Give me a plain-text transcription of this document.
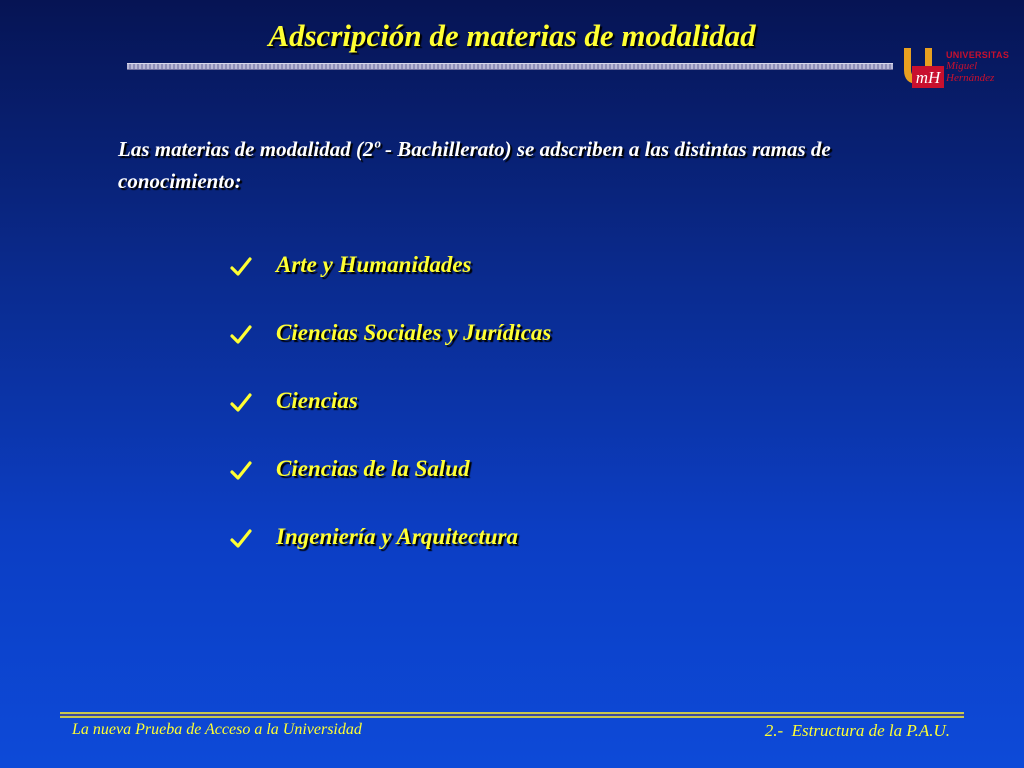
Adscripción de materias de modalidad
mH
UNIVERSITAS
Miguel
Hernández

Las materias de modalidad (2º - Bachillerato) se adscriben a las distintas ramas de conocimiento:

Arte y Humanidades
Ciencias Sociales y Jurídicas
Ciencias
Ciencias de la Salud
Ingeniería y Arquitectura

La nueva Prueba de Acceso a la Universidad	2.-  Estructura de la P.A.U.
